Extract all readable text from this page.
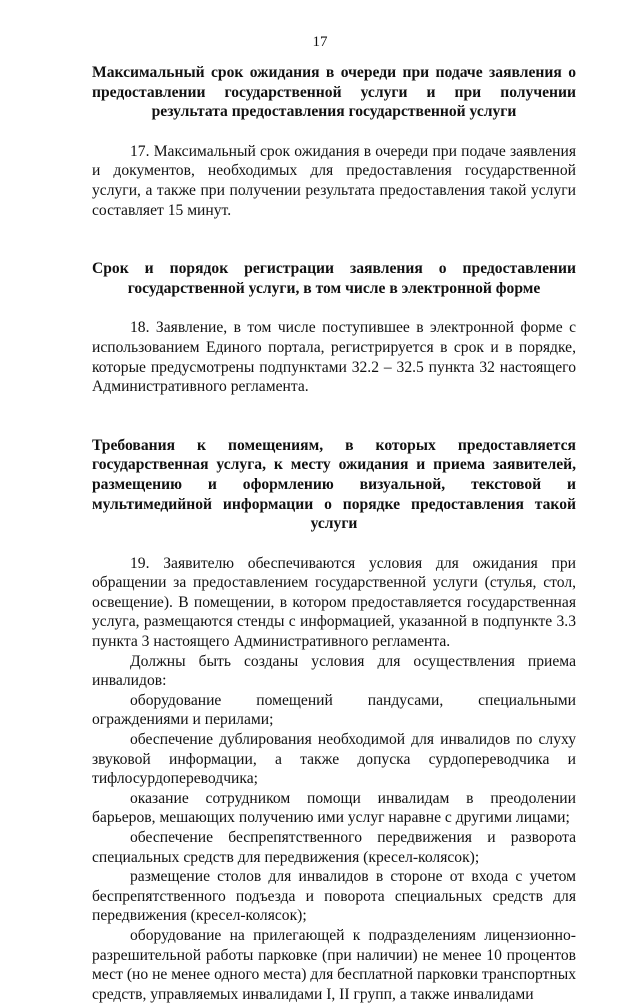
17

Максимальный срок ожидания в очереди при подаче заявления о предоставлении государственной услуги и при получении результата предоставления государственной услуги

17. Максимальный срок ожидания в очереди при подаче заявления и документов, необходимых для предоставления государственной услуги, а также при получении результата предоставления такой услуги составляет 15 минут.

Срок и порядок регистрации заявления о предоставлении государственной услуги, в том числе в электронной форме

18. Заявление, в том числе поступившее в электронной форме с использованием Единого портала, регистрируется в срок и в порядке, которые предусмотрены подпунктами 32.2 – 32.5 пункта 32 настоящего Административного регламента.

Требования к помещениям, в которых предоставляется государственная услуга, к месту ожидания и приема заявителей, размещению и оформлению визуальной, текстовой и мультимедийной информации о порядке предоставления такой услуги

19. Заявителю обеспечиваются условия для ожидания при обращении за предоставлением государственной услуги (стулья, стол, освещение). В помещении, в котором предоставляется государственная услуга, размещаются стенды с информацией, указанной в подпункте 3.3 пункта 3 настоящего Административного регламента.

Должны быть созданы условия для осуществления приема инвалидов:

оборудование помещений пандусами, специальными ограждениями и перилами;

обеспечение дублирования необходимой для инвалидов по слуху звуковой информации, а также допуска сурдопереводчика и тифлосурдопереводчика;

оказание сотрудником помощи инвалидам в преодолении барьеров, мешающих получению ими услуг наравне с другими лицами;

обеспечение беспрепятственного передвижения и разворота специальных средств для передвижения (кресел-колясок);

размещение столов для инвалидов в стороне от входа с учетом беспрепятственного подъезда и поворота специальных средств для передвижения (кресел-колясок);

оборудование на прилегающей к подразделениям лицензионно-разрешительной работы парковке (при наличии) не менее 10 процентов мест (но не менее одного места) для бесплатной парковки транспортных средств, управляемых инвалидами I, II групп, а также инвалидами
